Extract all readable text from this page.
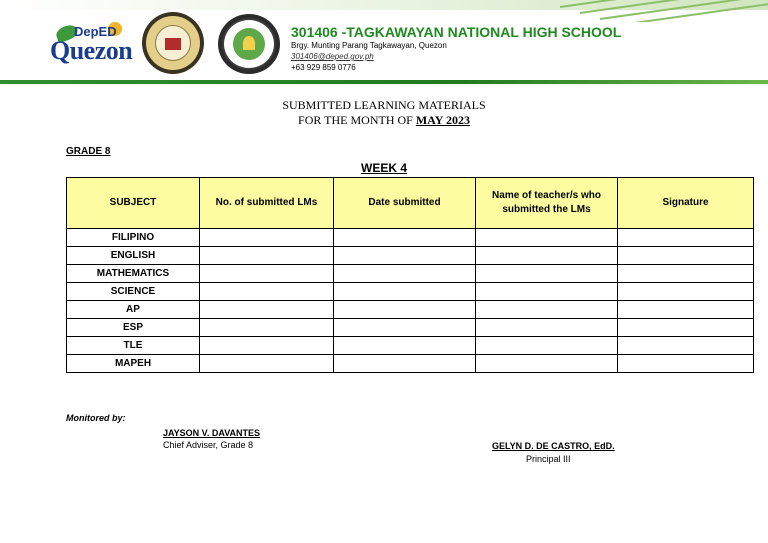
DepED
Quezon
301406 -TAGKAWAYAN NATIONAL HIGH SCHOOL
Brgy. Munting Parang Tagkawayan, Quezon
301406@deped.gov.ph
+63 929 859 0776
SUBMITTED LEARNING MATERIALS
FOR THE MONTH OF MAY 2023
GRADE 8
WEEK 4
SUBJECT	No. of submitted LMs	Date submitted	Name of teacher/s who submitted the LMs	Signature
FILIPINO				
ENGLISH				
MATHEMATICS				
SCIENCE				
AP				
ESP				
TLE				
MAPEH				
Monitored by:
JAYSON V. DAVANTES
Chief Adviser, Grade 8	GELYN D. DE CASTRO, EdD.
Principal III
